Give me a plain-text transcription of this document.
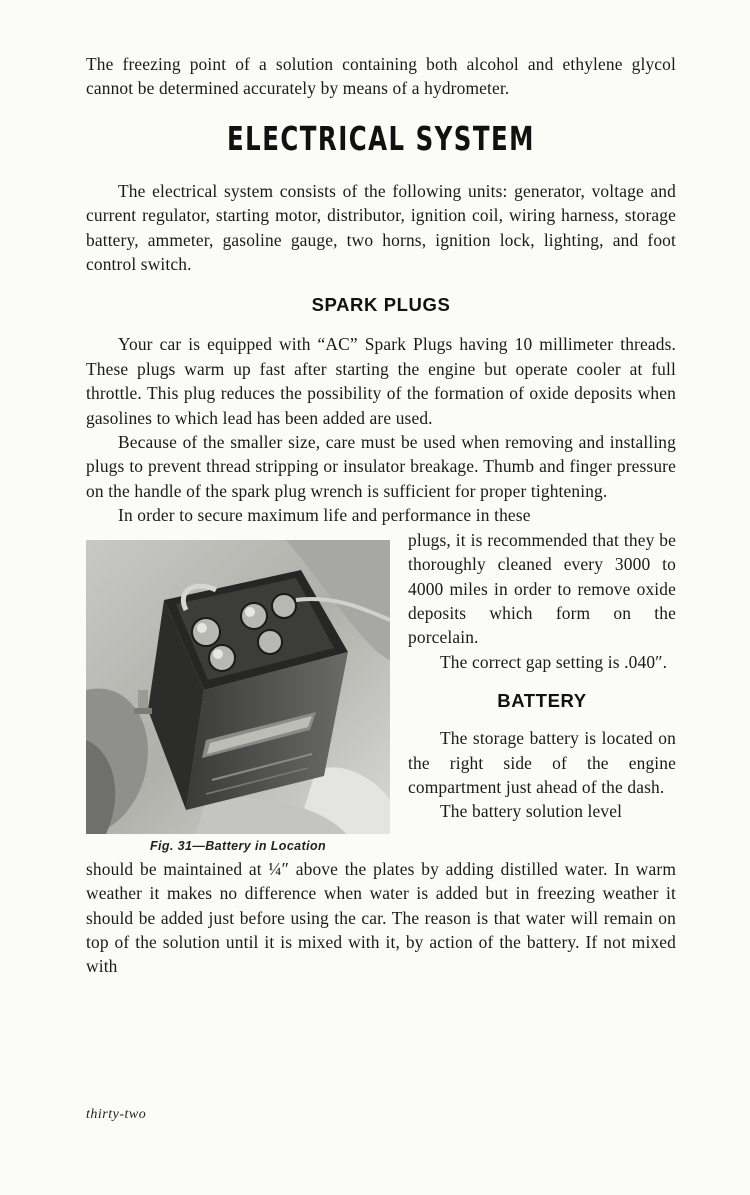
The freezing point of a solution containing both alcohol and ethylene glycol cannot be determined accurately by means of a hydrometer.

ELECTRICAL SYSTEM

The electrical system consists of the following units: generator, voltage and current regulator, starting motor, distributor, ignition coil, wiring harness, storage battery, ammeter, gasoline gauge, two horns, ignition lock, lighting, and foot control switch.

SPARK PLUGS

Your car is equipped with “AC” Spark Plugs having 10 millimeter threads. These plugs warm up fast after starting the engine but operate cooler at full throttle. This plug reduces the possibility of the formation of oxide deposits when gasolines to which lead has been added are used.

Because of the smaller size, care must be used when removing and installing plugs to prevent thread stripping or insulator breakage. Thumb and finger pressure on the handle of the spark plug wrench is sufficient for proper tightening.

In order to secure maximum life and performance in these

Fig. 31—Battery in Location

plugs, it is recommended that they be thoroughly cleaned every 3000 to 4000 miles in order to remove oxide deposits which form on the porcelain.

The correct gap setting is .040″.

BATTERY

The storage battery is located on the right side of the engine compartment just ahead of the dash.

The battery solution level

should be maintained at ¼″ above the plates by adding distilled water. In warm weather it makes no difference when water is added but in freezing weather it should be added just before using the car. The reason is that water will remain on top of the solution until it is mixed with it, by action of the battery. If not mixed with

thirty-two
